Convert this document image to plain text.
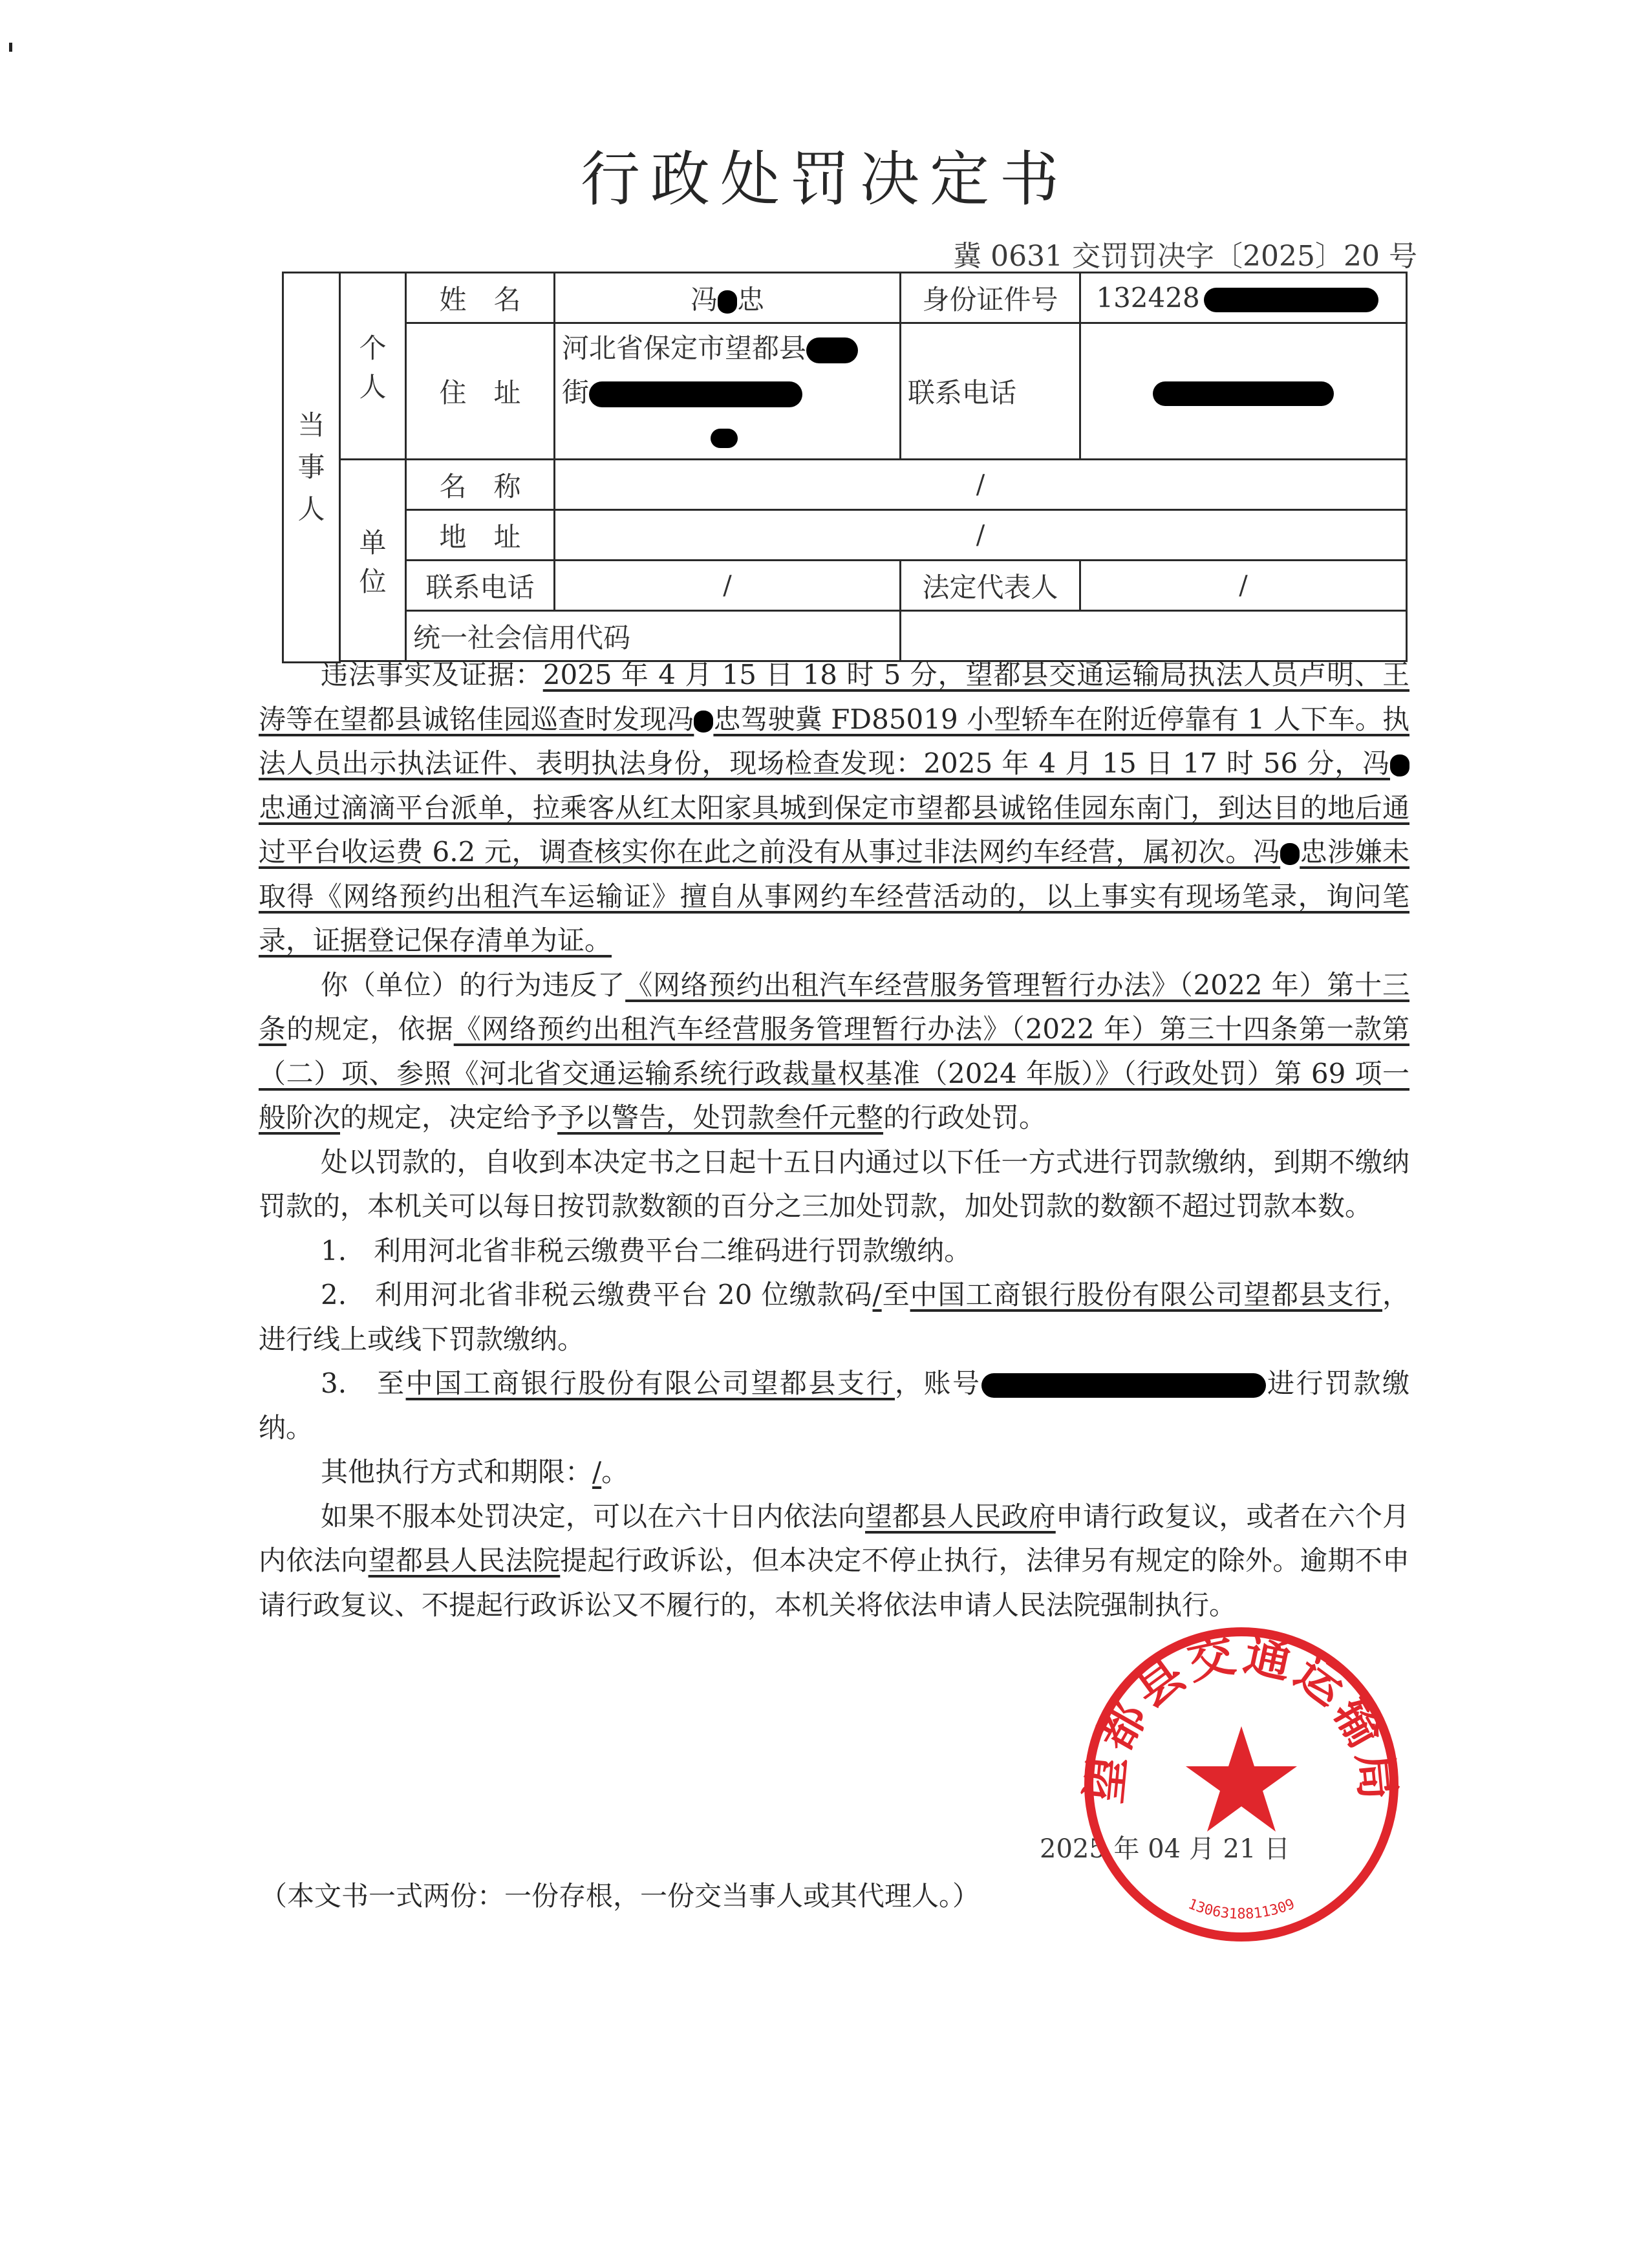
行政处罚决定书
冀 0631 交罚罚决字〔2025〕20 号
当事人	个人	姓　名	冯 忠	身份证件号	132428
		住　址	河北省保定市望都县
街	联系电话	
	单位	名　称	/		
		地　址	/		
		联系电话	/	法定代表人	/
		统一社会信用代码			

违法事实及证据：2025 年 4 月 15 日 18 时 5 分，望都县交通运输局执法人员卢明、王涛等在望都县诚铭佳园巡查时发现冯 忠驾驶冀 FD85019 小型轿车在附近停靠有 1 人下车。执法人员出示执法证件、表明执法身份，现场检查发现：2025 年 4 月 15 日 17 时 56 分，冯忠通过滴滴平台派单，拉乘客从红太阳家具城到保定市望都县诚铭佳园东南门，到达目的地后通过平台收运费 6.2 元，调查核实你在此之前没有从事过非法网约车经营，属初次。冯 忠涉嫌未取得《网络预约出租汽车运输证》擅自从事网约车经营活动的，以上事实有现场笔录，询问笔录，证据登记保存清单为证。

你（单位）的行为违反了《网络预约出租汽车经营服务管理暂行办法》（2022 年）第十三条的规定，依据《网络预约出租汽车经营服务管理暂行办法》（2022 年）第三十四条第一款第（二）项、参照《河北省交通运输系统行政裁量权基准（2024 年版）》（行政处罚）第 69 项一般阶次的规定，决定给予予以警告，处罚款叁仟元整的行政处罚。

处以罚款的，自收到本决定书之日起十五日内通过以下任一方式进行罚款缴纳，到期不缴纳罚款的，本机关可以每日按罚款数额的百分之三加处罚款，加处罚款的数额不超过罚款本数。

1.　利用河北省非税云缴费平台二维码进行罚款缴纳。

2.　利用河北省非税云缴费平台 20 位缴款码/至中国工商银行股份有限公司望都县支行，进行线上或线下罚款缴纳。

3.　至中国工商银行股份有限公司望都县支行，账号	进行罚款缴纳。

其他执行方式和期限：/。

如果不服本处罚决定，可以在六十日内依法向望都县人民政府申请行政复议，或者在六个月内依法向望都县人民法院提起行政诉讼，但本决定不停止执行，法律另有规定的除外。逾期不申请行政复议、不提起行政诉讼又不履行的，本机关将依法申请人民法院强制执行。

2025 年 04 月 21 日
望都县交通运输局
1306318811309
（本文书一式两份：一份存根，一份交当事人或其代理人。）
